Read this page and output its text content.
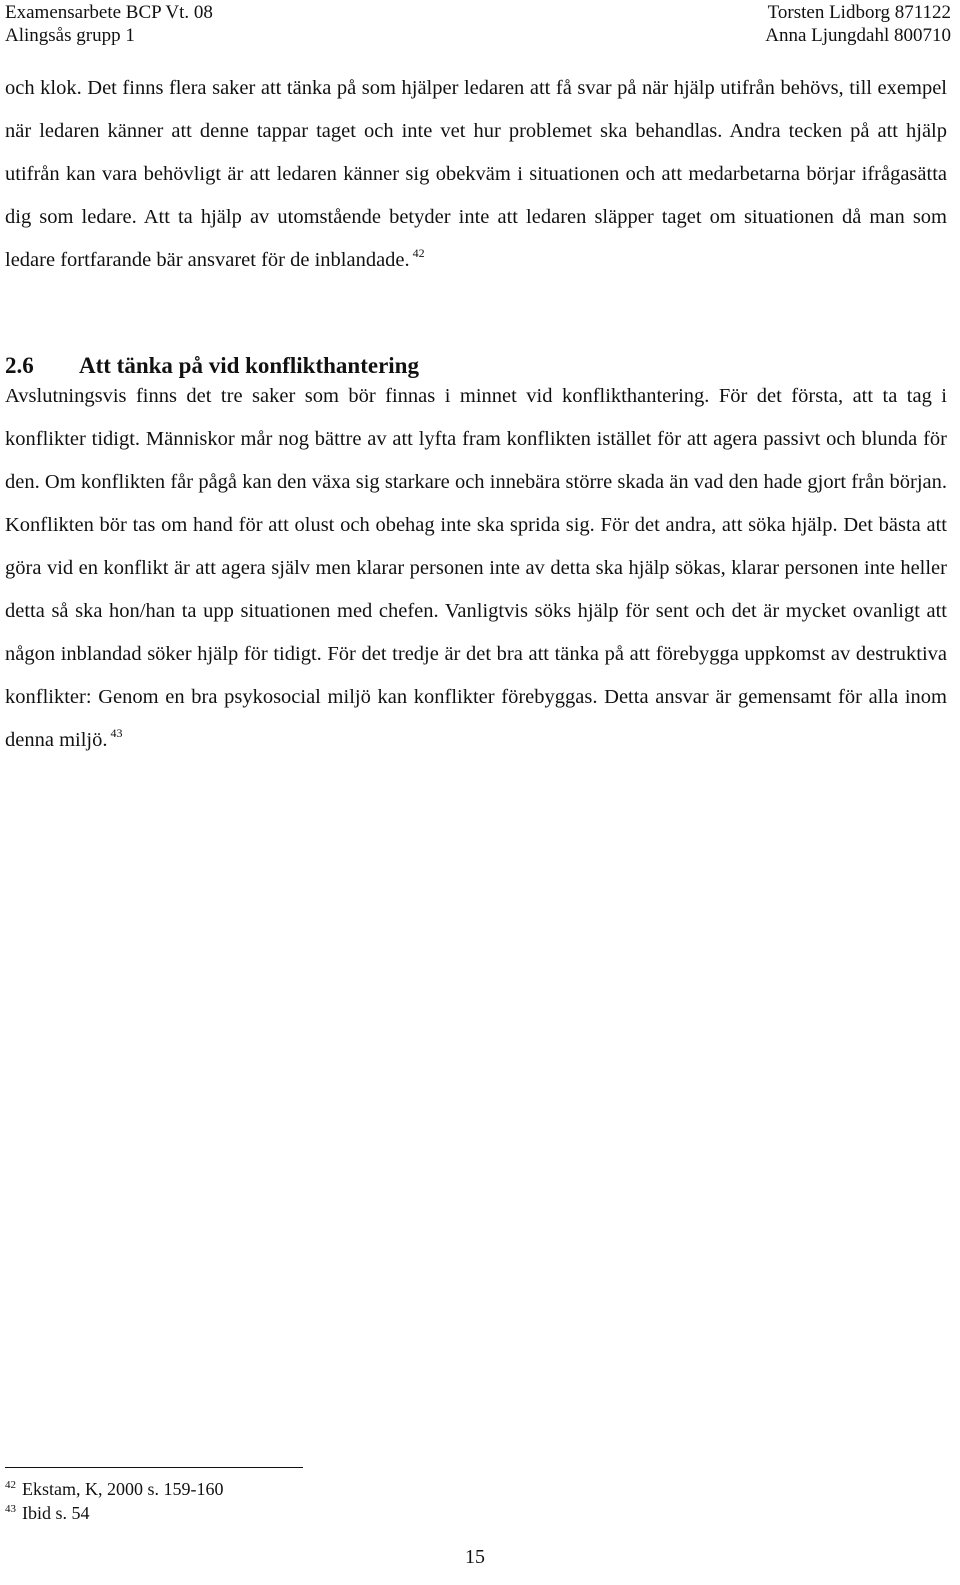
Examensarbete BCP Vt. 08
Alingsås grupp 1
Torsten Lidborg 871122
Anna Ljungdahl 800710

och klok. Det finns flera saker att tänka på som hjälper ledaren att få svar på när hjälp utifrån behövs, till exempel när ledaren känner att denne tappar taget och inte vet hur problemet ska behandlas. Andra tecken på att hjälp utifrån kan vara behövligt är att ledaren känner sig obekväm i situationen och att medarbetarna börjar ifrågasätta dig som ledare. Att ta hjälp av utomstående betyder inte att ledaren släpper taget om situationen då man som ledare fortfarande bär ansvaret för de inblandade. $^{42}$

2.6 Att tänka på vid konflikthantering

Avslutningsvis finns det tre saker som bör finnas i minnet vid konflikthantering. För det första, att ta tag i konflikter tidigt. Människor mår nog bättre av att lyfta fram konflikten istället för att agera passivt och blunda för den. Om konflikten får pågå kan den växa sig starkare och innebära större skada än vad den hade gjort från början. Konflikten bör tas om hand för att olust och obehag inte ska sprida sig. För det andra, att söka hjälp. Det bästa att göra vid en konflikt är att agera själv men klarar personen inte av detta ska hjälp sökas, klarar personen inte heller detta så ska hon/han ta upp situationen med chefen. Vanligtvis söks hjälp för sent och det är mycket ovanligt att någon inblandad söker hjälp för tidigt. För det tredje är det bra att tänka på att förebygga uppkomst av destruktiva konflikter: Genom en bra psykosocial miljö kan konflikter förebyggas. Detta ansvar är gemensamt för alla inom denna miljö. $^{43}$

$^{42}$ Ekstam, K, 2000 s. 159-160
$^{43}$ Ibid s. 54
15
